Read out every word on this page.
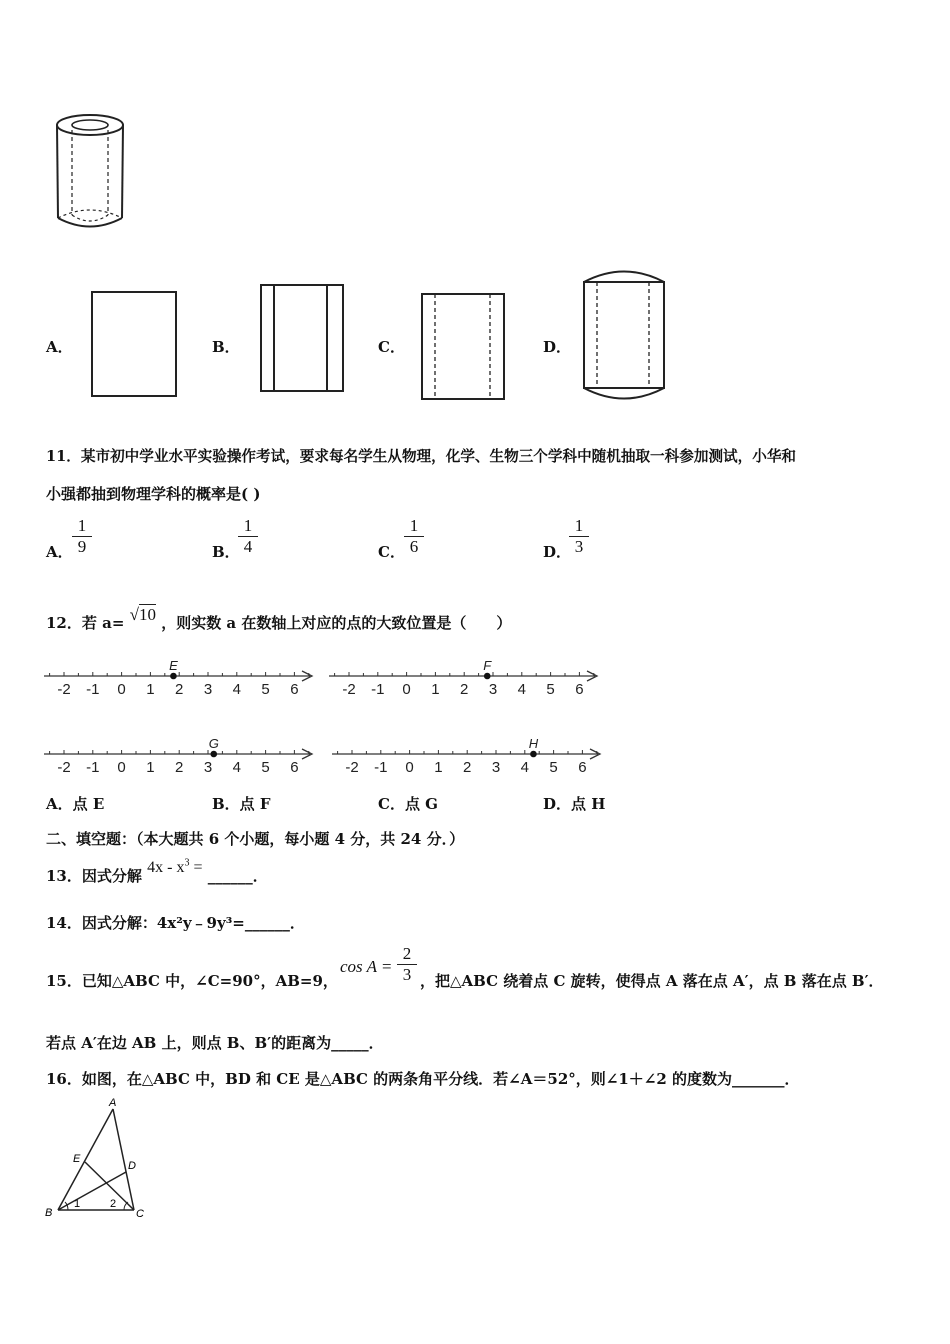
A．	B．	C．	D．
11．某市初中学业水平实验操作考试，要求每名学生从物理，化学、生物三个学科中随机抽取一科参加测试，小华和
小强都抽到物理学科的概率是( )
A． $\frac{1}{9}$	B．
$\frac{1}{4}$	C． $\frac{1}{6}$	D．
$\frac{1}{3}$
12．若 a= √10 ，则实数 a 在数轴上对应的点的大致位置是（　　）
-2 -1 0 1 2 3 4 5 6
E
-2 -1 0 1 2 3 4 5 6
F
-2 -1 0 1 2 3 4 5 6
G
-2 -1 0 1 2 3 4 5 6
H
A．点 E	B．点 F	C．点 G	D．点 H
二、填空题：（本大题共 6 个小题，每小题 4 分，共 24 分．）
13．因式分解 $4x - x^3$ = ______．
14．因式分解：4x²y﹣9y³=______．
15．已知△ABC 中，∠C=90°，AB=9，
$\cos A = \frac{2}{3}$ ，把△ABC 绕着点 C 旋转，使得点 A 落在点 A′，点 B 落在点 B′．
若点 A′在边 AB 上，则点 B、B′的距离为_____．
16．如图，在△ABC 中，BD 和 CE 是△ABC 的两条角平分线．若∠A＝52°，则∠1＋∠2 的度数为_______．
A
E
D
B	C
1	2
